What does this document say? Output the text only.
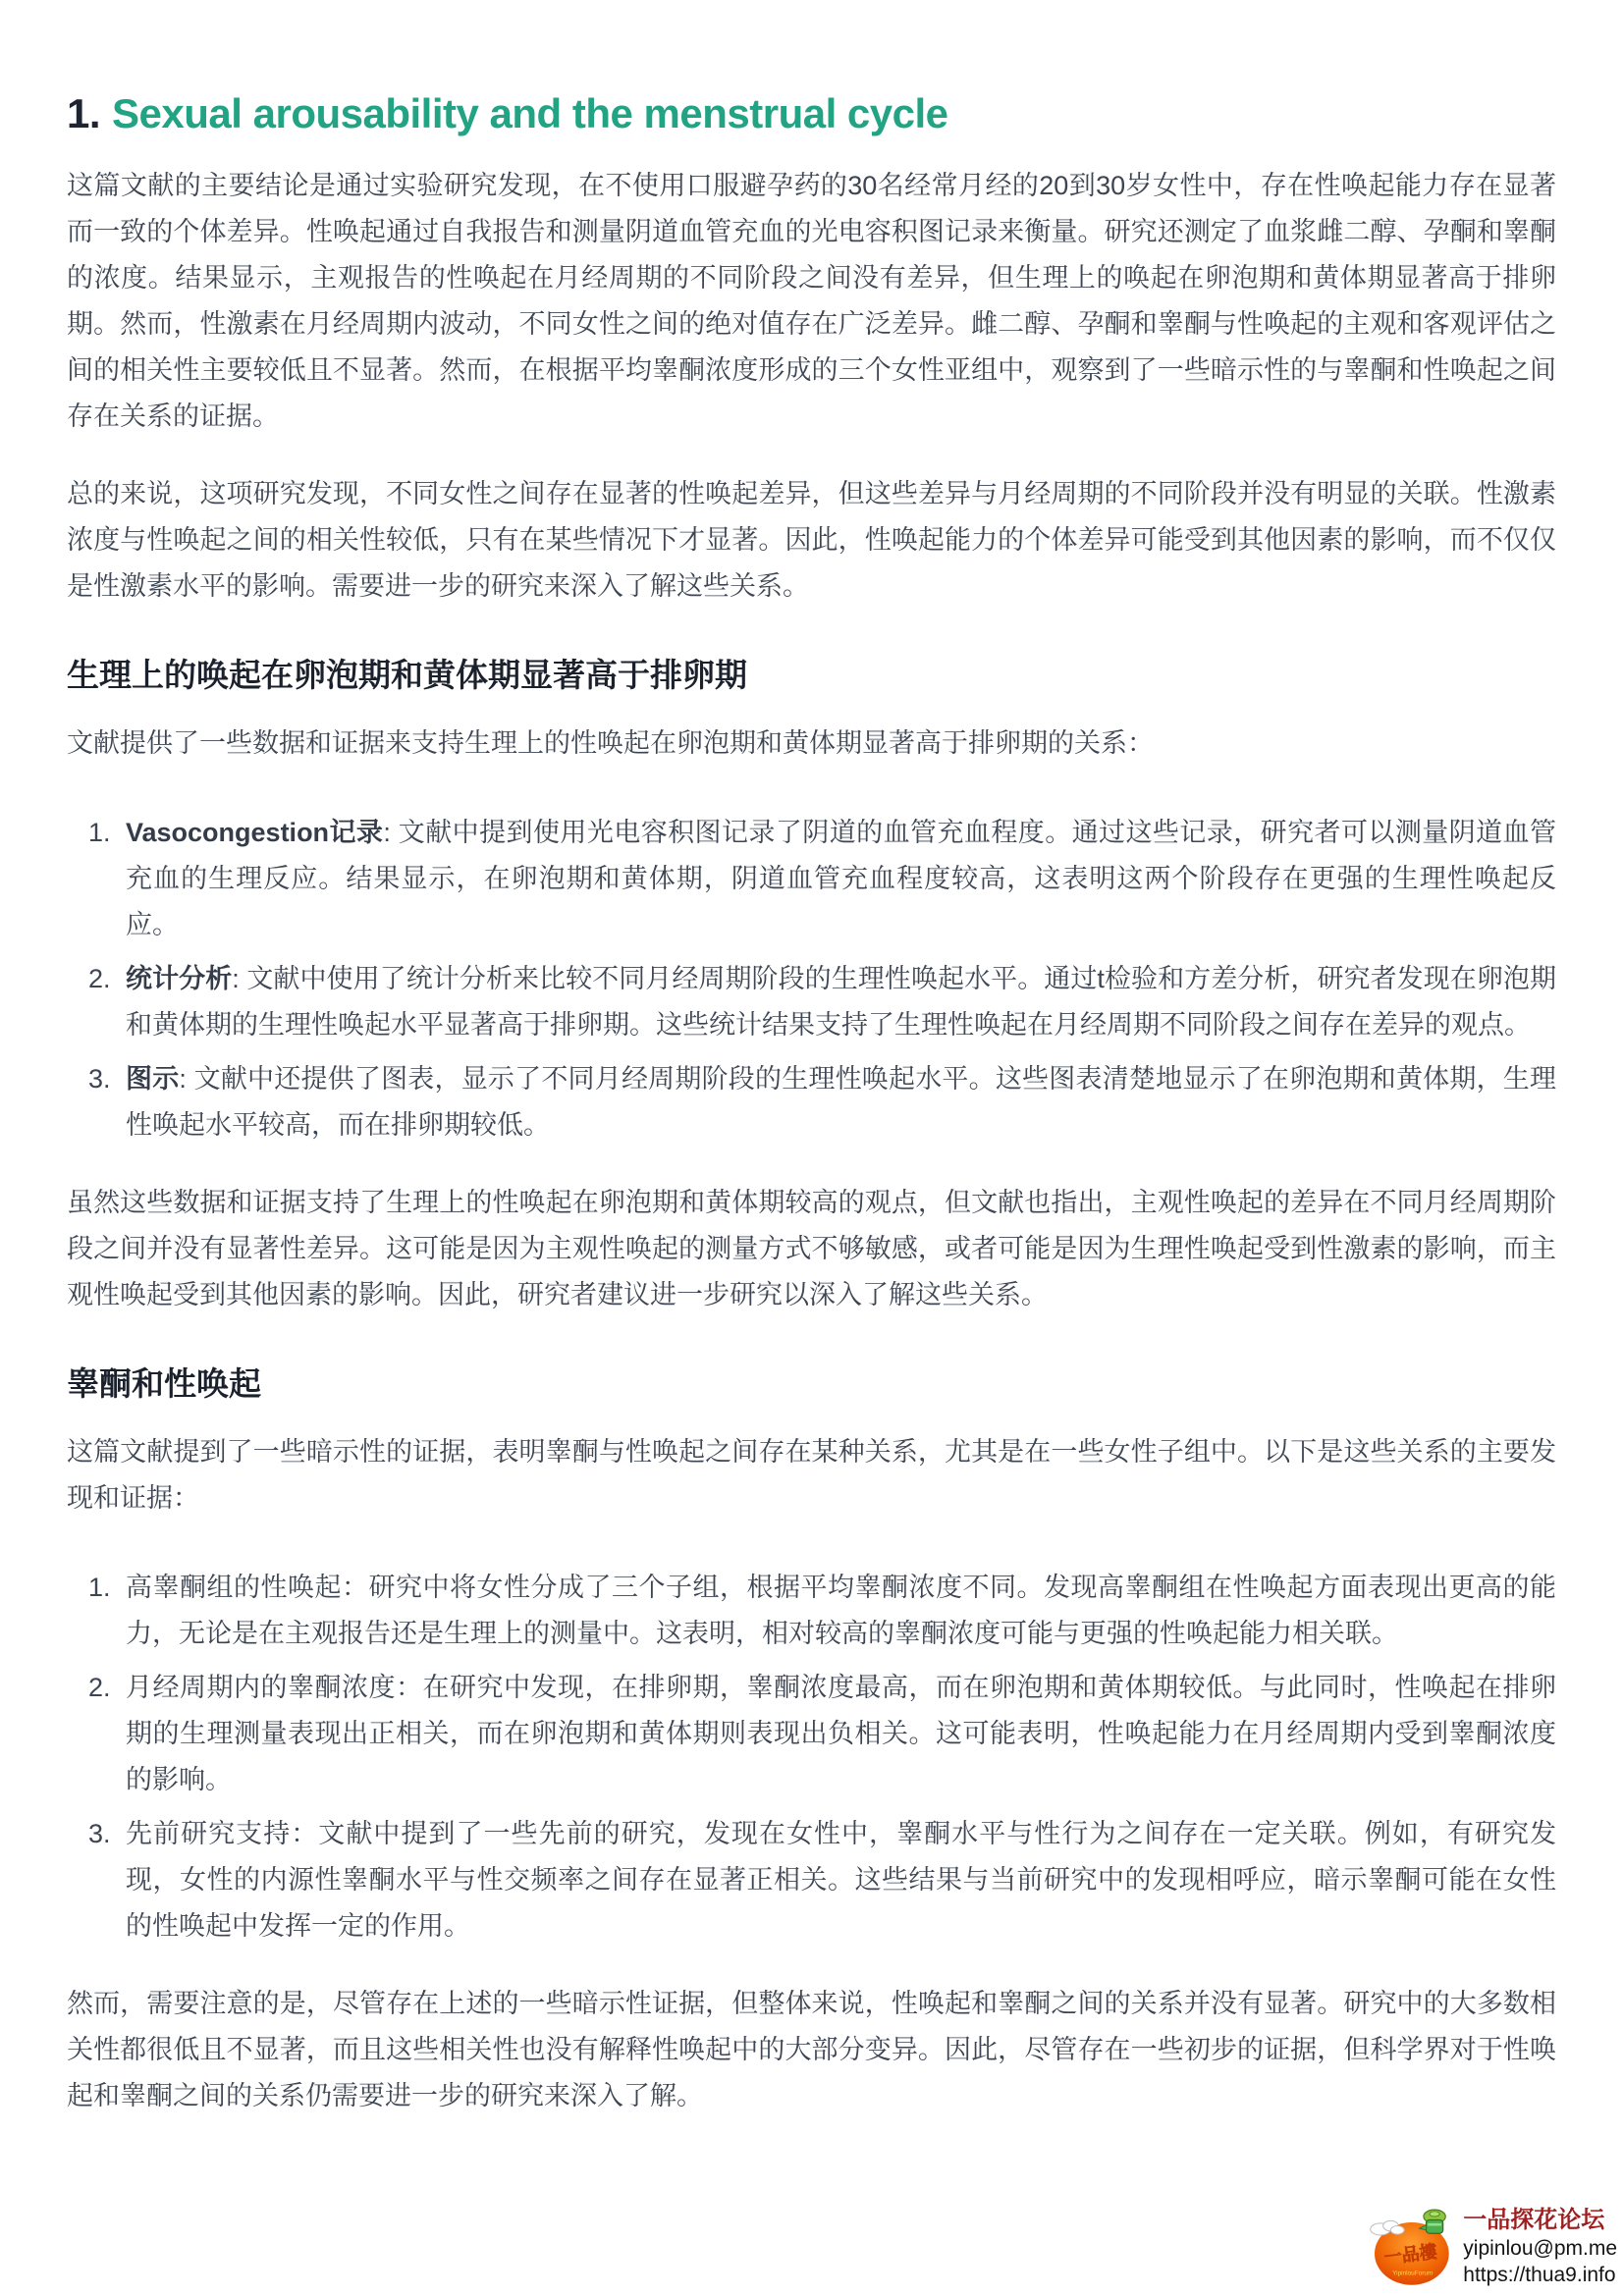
1. Sexual arousability and the menstrual cycle

这篇文献的主要结论是通过实验研究发现，在不使用口服避孕药的30名经常月经的20到30岁女性中，存在性唤起能力存在显著而一致的个体差异。性唤起通过自我报告和测量阴道血管充血的光电容积图记录来衡量。研究还测定了血浆雌二醇、孕酮和睾酮的浓度。结果显示，主观报告的性唤起在月经周期的不同阶段之间没有差异，但生理上的唤起在卵泡期和黄体期显著高于排卵期。然而，性激素在月经周期内波动，不同女性之间的绝对值存在广泛差异。雌二醇、孕酮和睾酮与性唤起的主观和客观评估之间的相关性主要较低且不显著。然而，在根据平均睾酮浓度形成的三个女性亚组中，观察到了一些暗示性的与睾酮和性唤起之间存在关系的证据。

总的来说，这项研究发现，不同女性之间存在显著的性唤起差异，但这些差异与月经周期的不同阶段并没有明显的关联。性激素浓度与性唤起之间的相关性较低，只有在某些情况下才显著。因此，性唤起能力的个体差异可能受到其他因素的影响，而不仅仅是性激素水平的影响。需要进一步的研究来深入了解这些关系。

生理上的唤起在卵泡期和黄体期显著高于排卵期

文献提供了一些数据和证据来支持生理上的性唤起在卵泡期和黄体期显著高于排卵期的关系：

1. Vasocongestion记录: 文献中提到使用光电容积图记录了阴道的血管充血程度。通过这些记录，研究者可以测量阴道血管充血的生理反应。结果显示，在卵泡期和黄体期，阴道血管充血程度较高，这表明这两个阶段存在更强的生理性唤起反应。
2. 统计分析: 文献中使用了统计分析来比较不同月经周期阶段的生理性唤起水平。通过t检验和方差分析，研究者发现在卵泡期和黄体期的生理性唤起水平显著高于排卵期。这些统计结果支持了生理性唤起在月经周期不同阶段之间存在差异的观点。
3. 图示: 文献中还提供了图表，显示了不同月经周期阶段的生理性唤起水平。这些图表清楚地显示了在卵泡期和黄体期，生理性唤起水平较高，而在排卵期较低。

虽然这些数据和证据支持了生理上的性唤起在卵泡期和黄体期较高的观点，但文献也指出，主观性唤起的差异在不同月经周期阶段之间并没有显著性差异。这可能是因为主观性唤起的测量方式不够敏感，或者可能是因为生理性唤起受到性激素的影响，而主观性唤起受到其他因素的影响。因此，研究者建议进一步研究以深入了解这些关系。

睾酮和性唤起

这篇文献提到了一些暗示性的证据，表明睾酮与性唤起之间存在某种关系，尤其是在一些女性子组中。以下是这些关系的主要发现和证据：

1. 高睾酮组的性唤起：研究中将女性分成了三个子组，根据平均睾酮浓度不同。发现高睾酮组在性唤起方面表现出更高的能力，无论是在主观报告还是生理上的测量中。这表明，相对较高的睾酮浓度可能与更强的性唤起能力相关联。
2. 月经周期内的睾酮浓度：在研究中发现，在排卵期，睾酮浓度最高，而在卵泡期和黄体期较低。与此同时，性唤起在排卵期的生理测量表现出正相关，而在卵泡期和黄体期则表现出负相关。这可能表明，性唤起能力在月经周期内受到睾酮浓度的影响。
3. 先前研究支持：文献中提到了一些先前的研究，发现在女性中，睾酮水平与性行为之间存在一定关联。例如，有研究发现，女性的内源性睾酮水平与性交频率之间存在显著正相关。这些结果与当前研究中的发现相呼应，暗示睾酮可能在女性的性唤起中发挥一定的作用。

然而，需要注意的是，尽管存在上述的一些暗示性证据，但整体来说，性唤起和睾酮之间的关系并没有显著。研究中的大多数相关性都很低且不显著，而且这些相关性也没有解释性唤起中的大部分变异。因此，尽管存在一些初步的证据，但科学界对于性唤起和睾酮之间的关系仍需要进一步的研究来深入了解。

一品樓
YipinlouForum
一品探花论坛
yipinlou@pm.me
https://thua9.info
